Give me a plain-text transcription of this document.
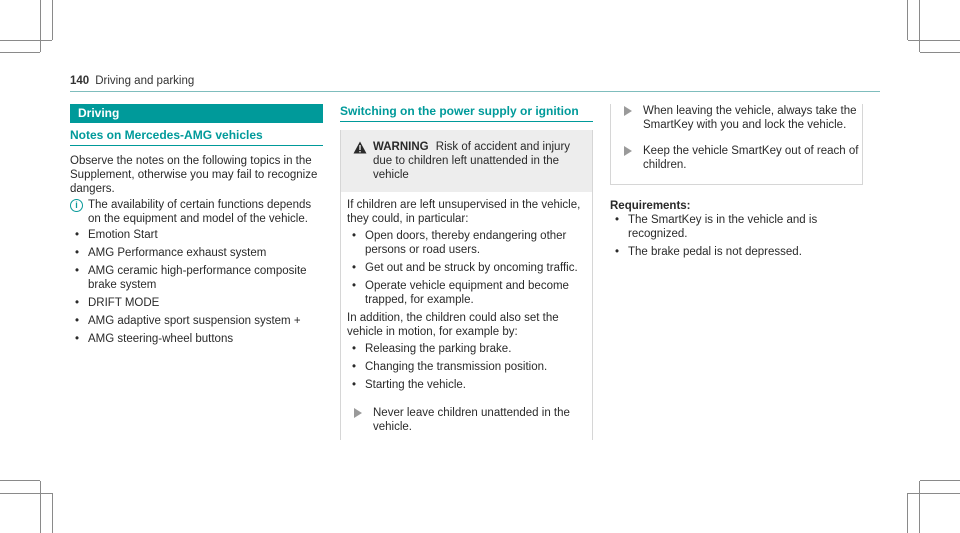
140 Driving and parking
Driving
Notes on Mercedes-AMG vehicles

Observe the notes on the following topics in the Supplement, otherwise you may fail to recognize dangers.

i The availability of certain functions depends on the equipment and model of the vehicle.
• Emotion Start
• AMG Performance exhaust system
• AMG ceramic high-performance composite brake system
• DRIFT MODE
• AMG adaptive sport suspension system +
• AMG steering-wheel buttons
Switching on the power supply or ignition
WARNING Risk of accident and injury due to children left unattended in the vehicle

If children are left unsupervised in the vehicle, they could, in particular:

• Open doors, thereby endangering other persons or road users.
• Get out and be struck by oncoming traffic.
• Operate vehicle equipment and become trapped, for example.

In addition, the children could also set the vehicle in motion, for example by:

• Releasing the parking brake.
• Changing the transmission position.
• Starting the vehicle.
Never leave children unattended in the vehicle.
When leaving the vehicle, always take the SmartKey with you and lock the vehicle.
Keep the vehicle SmartKey out of reach of children.

Requirements:

• The SmartKey is in the vehicle and is recognized.
• The brake pedal is not depressed.
